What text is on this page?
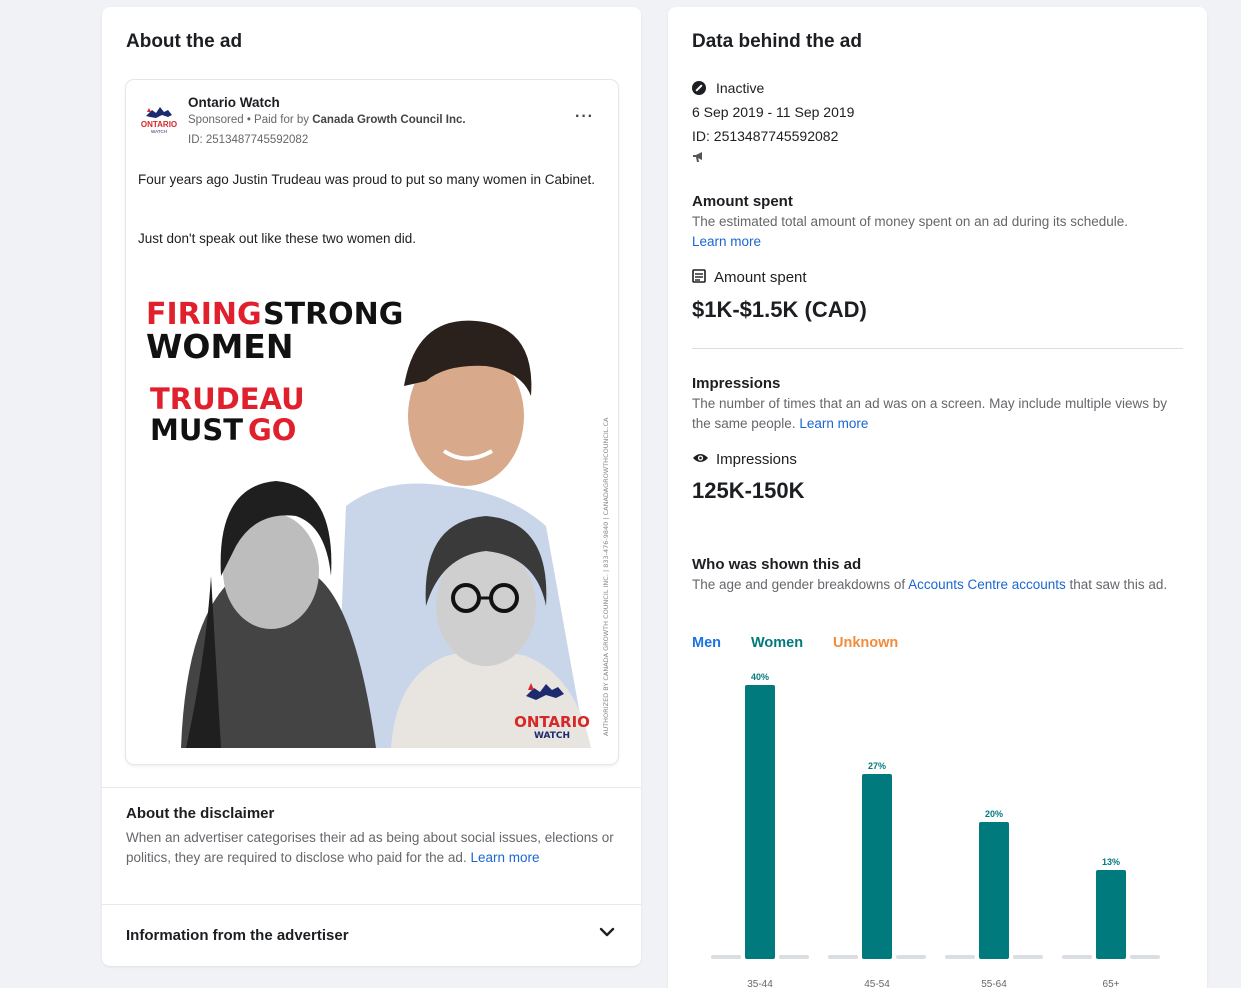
About the ad
ONTARIO
WATCH
Ontario Watch
Sponsored • Paid for by Canada Growth Council Inc.
ID: 2513487745592082
···
Four years ago Justin Trudeau was proud to put so many women in Cabinet.
Just don't speak out like these two women did.
FIRING STRONG
WOMEN
TRUDEAU
MUST GO
ONTARIO
WATCH	AUTHORIZED BY CANADA GROWTH COUNCIL INC. | 833-476-9840 | CANADAGROWTHCOUNCIL.CA
About the disclaimer
When an advertiser categorises their ad as being about social issues, elections or politics, they are required to disclose who paid for the ad. Learn more
Information from the advertiser
Data behind the ad
Inactive
6 Sep 2019 - 11 Sep 2019
ID: 2513487745592082
Amount spent
The estimated total amount of money spent on an ad during its schedule.
Learn more
Amount spent
$1K-$1.5K (CAD)
Impressions
The number of times that an ad was on a screen. May include multiple views by the same people. Learn more
Impressions
125K-150K
Who was shown this ad
The age and gender breakdowns of Accounts Centre accounts that saw this ad.
Men Women Unknown
40%
35-44
27%
45-54
20%
55-64
13%
65+
